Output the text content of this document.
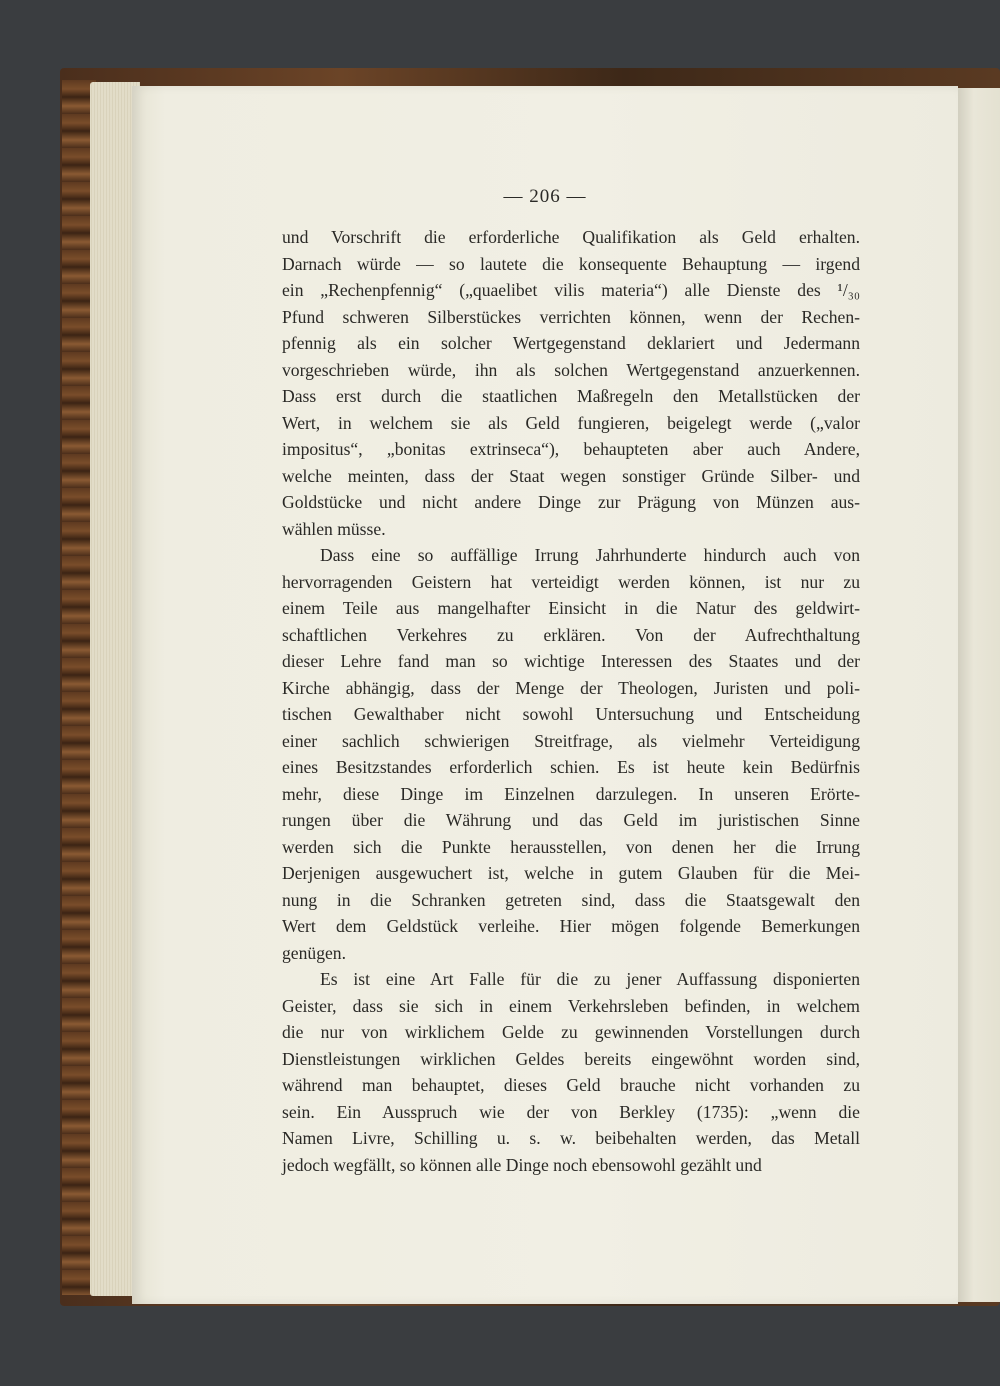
— 206 —
und Vorschrift die erforderliche Qualifikation als Geld erhalten.
Darnach würde — so lautete die konsequente Behauptung — irgend
ein „Rechenpfennig“ („quaelibet vilis materia“) alle Dienste des ¹/₃₀
Pfund schweren Silberstückes verrichten können, wenn der Rechen-
pfennig als ein solcher Wertgegenstand deklariert und Jedermann
vorgeschrieben würde, ihn als solchen Wertgegenstand anzuerkennen.
Dass erst durch die staatlichen Maßregeln den Metallstücken der
Wert, in welchem sie als Geld fungieren, beigelegt werde („valor
impositus“, „bonitas extrinseca“), behaupteten aber auch Andere,
welche meinten, dass der Staat wegen sonstiger Gründe Silber- und
Goldstücke und nicht andere Dinge zur Prägung von Münzen aus-
wählen müsse.
Dass eine so auffällige Irrung Jahrhunderte hindurch auch von
hervorragenden Geistern hat verteidigt werden können, ist nur zu
einem Teile aus mangelhafter Einsicht in die Natur des geldwirt-
schaftlichen Verkehres zu erklären. Von der Aufrechthaltung
dieser Lehre fand man so wichtige Interessen des Staates und der
Kirche abhängig, dass der Menge der Theologen, Juristen und poli-
tischen Gewalthaber nicht sowohl Untersuchung und Entscheidung
einer sachlich schwierigen Streitfrage, als vielmehr Verteidigung
eines Besitzstandes erforderlich schien. Es ist heute kein Bedürfnis
mehr, diese Dinge im Einzelnen darzulegen. In unseren Erörte-
rungen über die Währung und das Geld im juristischen Sinne
werden sich die Punkte herausstellen, von denen her die Irrung
Derjenigen ausgewuchert ist, welche in gutem Glauben für die Mei-
nung in die Schranken getreten sind, dass die Staatsgewalt den
Wert dem Geldstück verleihe. Hier mögen folgende Bemerkungen
genügen.
Es ist eine Art Falle für die zu jener Auffassung disponierten
Geister, dass sie sich in einem Verkehrsleben befinden, in welchem
die nur von wirklichem Gelde zu gewinnenden Vorstellungen durch
Dienstleistungen wirklichen Geldes bereits eingewöhnt worden sind,
während man behauptet, dieses Geld brauche nicht vorhanden zu
sein. Ein Ausspruch wie der von Berkley (1735): „wenn die
Namen Livre, Schilling u. s. w. beibehalten werden, das Metall
jedoch wegfällt, so können alle Dinge noch ebensowohl gezählt und
